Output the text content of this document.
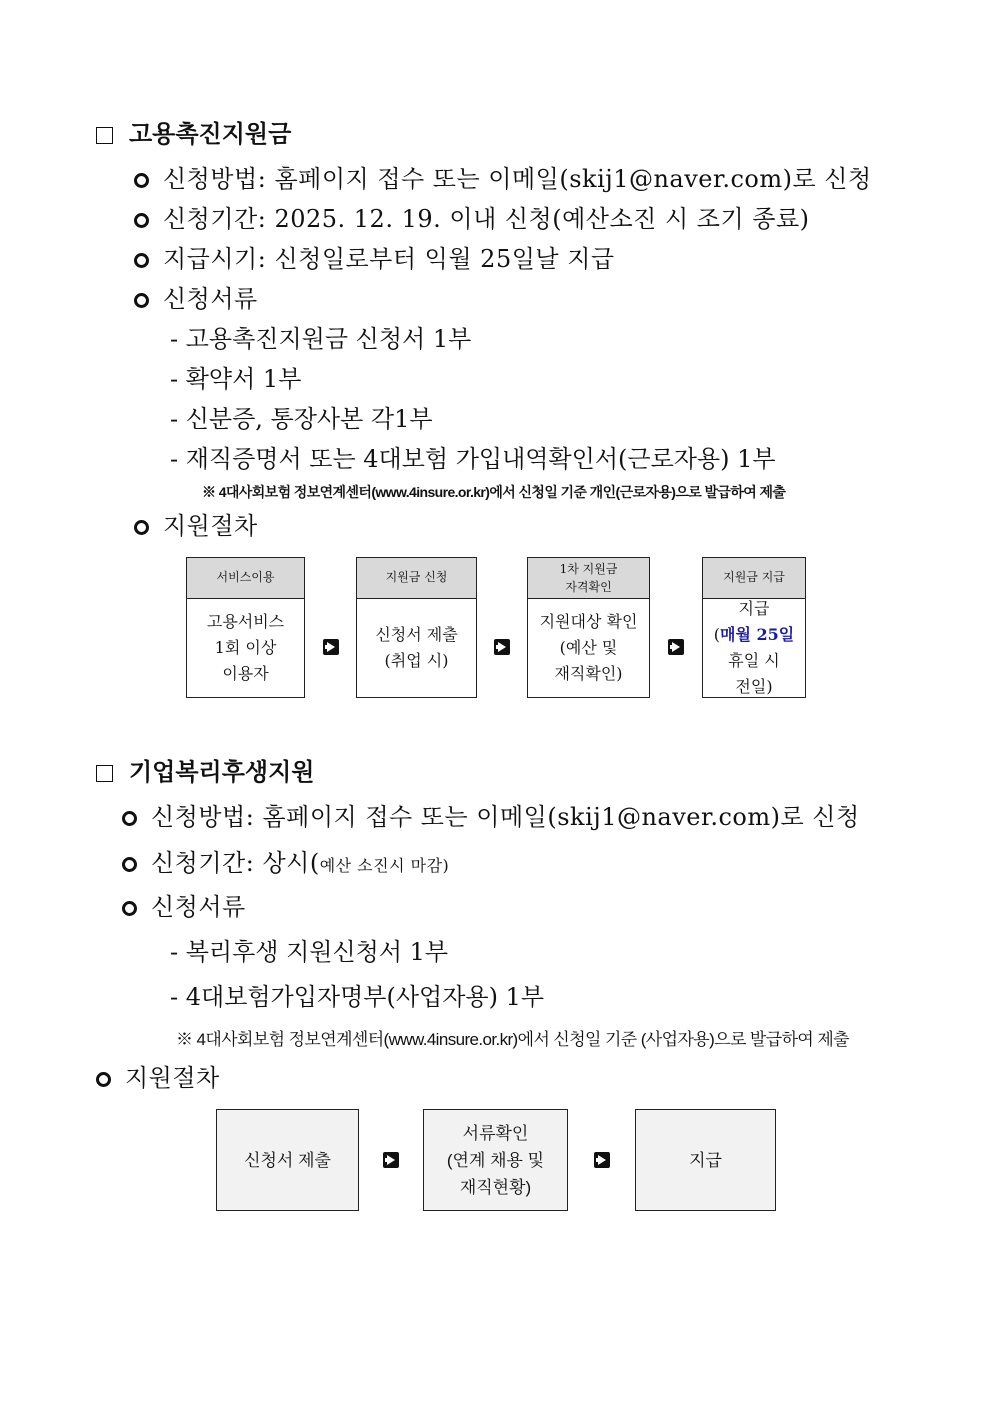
고용촉진지원금
신청방법: 홈페이지 접수 또는 이메일(skij1@naver.com)로 신청
신청기간: 2025. 12. 19. 이내 신청(예산소진 시 조기 종료)
지급시기: 신청일로부터 익월 25일날 지급
신청서류
- 고용촉진지원금 신청서 1부
- 확약서 1부
- 신분증, 통장사본 각1부
- 재직증명서 또는 4대보험 가입내역확인서(근로자용) 1부
※ 4대사회보험 정보연계센터(www.4insure.or.kr)에서 신청일 기준 개인(근로자용)으로 발급하여 제출
지원절차
서비스이용
고용서비스
1회 이상
이용자
지원금 신청
신청서 제출
(취업 시)
1차 지원금
자격확인
지원대상 확인
(예산 및
재직확인)
지원금 지급
지급
(매월 25일
휴일 시
전일)
기업복리후생지원
신청방법: 홈페이지 접수 또는 이메일(skij1@naver.com)로 신청
신청기간: 상시(예산 소진시 마감)
신청서류
- 복리후생 지원신청서 1부
- 4대보험가입자명부(사업자용) 1부
※ 4대사회보험 정보연계센터(www.4insure.or.kr)에서 신청일 기준 (사업자용)으로 발급하여 제출
지원절차
신청서 제출
서류확인
(연계 채용 및
재직현황)
지급
